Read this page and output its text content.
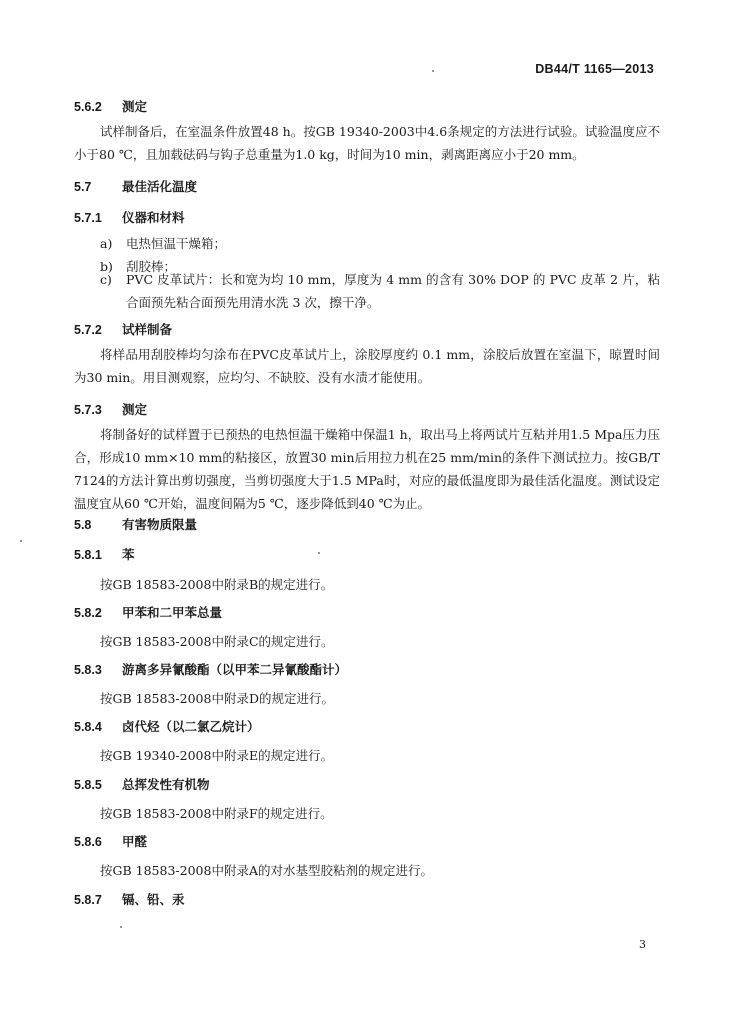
DB44/T 1165—2013
5.6.2 测定
试样制备后，在室温条件放置48 h。按GB 19340-2003中4.6条规定的方法进行试验。试验温度应不小于80 ℃，且加载砝码与钩子总重量为1.0 kg，时间为10 min，剥离距离应小于20 mm。
5.7 最佳活化温度
5.7.1 仪器和材料
a)	电热恒温干燥箱；
b)	刮胶棒；
c)	PVC 皮革试片：长和宽为均 10 mm，厚度为 4 mm 的含有 30% DOP 的 PVC 皮革 2 片，粘合面预先粘合面预先用清水洗 3 次，擦干净。
5.7.2 试样制备
将样品用刮胶棒均匀涂布在PVC皮革试片上，涂胶厚度约 0.1 mm，涂胶后放置在室温下，晾置时间为30 min。用目测观察，应均匀、不缺胶、没有水渍才能使用。
5.7.3 测定
将制备好的试样置于已预热的电热恒温干燥箱中保温1 h，取出马上将两试片互粘并用1.5 Mpa压力压合，形成10 mm×10 mm的粘接区，放置30 min后用拉力机在25 mm/min的条件下测试拉力。按GB/T 7124的方法计算出剪切强度，当剪切强度大于1.5 MPa时，对应的最低温度即为最佳活化温度。测试设定温度宜从60 ℃开始，温度间隔为5 ℃，逐步降低到40 ℃为止。
5.8 有害物质限量
5.8.1 苯
按GB 18583-2008中附录B的规定进行。
5.8.2 甲苯和二甲苯总量
按GB 18583-2008中附录C的规定进行。
5.8.3 游离多异氰酸酯（以甲苯二异氰酸酯计）
按GB 18583-2008中附录D的规定进行。
5.8.4 卤代烃（以二氯乙烷计）
按GB 19340-2008中附录E的规定进行。
5.8.5 总挥发性有机物
按GB 18583-2008中附录F的规定进行。
5.8.6 甲醛
按GB 18583-2008中附录A的对水基型胶粘剂的规定进行。
5.8.7 镉、铅、汞
3
